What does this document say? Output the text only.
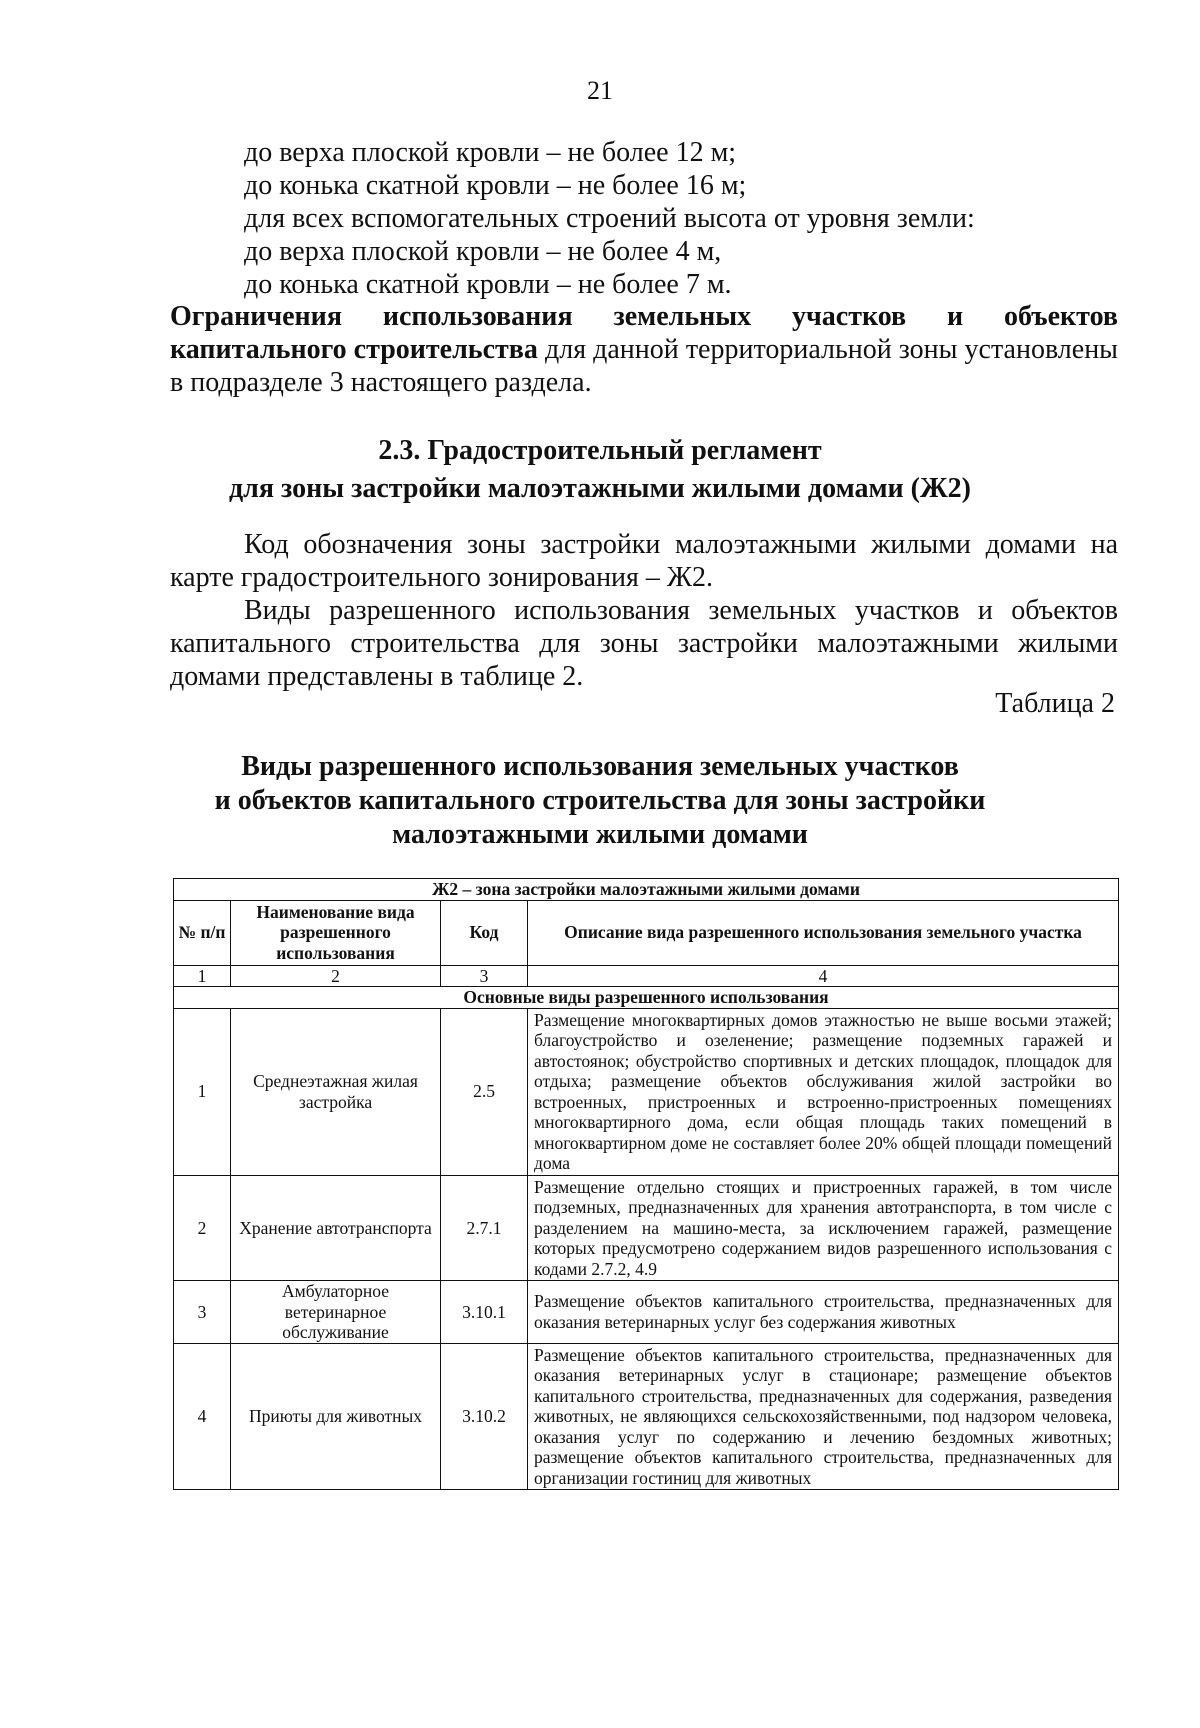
21
до верха плоской кровли – не более 12 м;
до конька скатной кровли – не более 16 м;
для всех вспомогательных строений высота от уровня земли:
до верха плоской кровли – не более 4 м,
до конька скатной кровли – не более 7 м.
Ограничения использования земельных участков и объектов капитального строительства для данной территориальной зоны установлены в подразделе 3 настоящего раздела.
2.3. Градостроительный регламент
для зоны застройки малоэтажными жилыми домами (Ж2)
Код обозначения зоны застройки малоэтажными жилыми домами на карте градостроительного зонирования – Ж2.
Виды разрешенного использования земельных участков и объектов капитального строительства для зоны застройки малоэтажными жилыми домами представлены в таблице 2.
Таблица 2
Виды разрешенного использования земельных участков
и объектов капитального строительства для зоны застройки
малоэтажными жилыми домами
Ж2 – зона застройки малоэтажными жилыми домами			
№ п/п	Наименование вида разрешенного использования	Код	Описание вида разрешенного использования земельного участка
1	2	3	4
Основные виды разрешенного использования			
1	Среднеэтажная жилая застройка	2.5	Размещение многоквартирных домов этажностью не выше восьми этажей; благоустройство и озеленение; размещение подземных гаражей и автостоянок; обустройство спортивных и детских площадок, площадок для отдыха; размещение объектов обслуживания жилой застройки во встроенных, пристроенных и встроенно-пристроенных помещениях многоквартирного дома, если общая площадь таких помещений в многоквартирном доме не составляет более 20% общей площади помещений дома
2	Хранение автотранспорта	2.7.1	Размещение отдельно стоящих и пристроенных гаражей, в том числе подземных, предназначенных для хранения автотранспорта, в том числе с разделением на машино-места, за исключением гаражей, размещение которых предусмотрено содержанием видов разрешенного использования с кодами 2.7.2, 4.9
3	Амбулаторное ветеринарное обслуживание	3.10.1	Размещение объектов капитального строительства, предназначенных для оказания ветеринарных услуг без содержания животных
4	Приюты для животных	3.10.2	Размещение объектов капитального строительства, предназначенных для оказания ветеринарных услуг в стационаре; размещение объектов капитального строительства, предназначенных для содержания, разведения животных, не являющихся сельскохозяйственными, под надзором человека, оказания услуг по содержанию и лечению бездомных животных; размещение объектов капитального строительства, предназначенных для организации гостиниц для животных
